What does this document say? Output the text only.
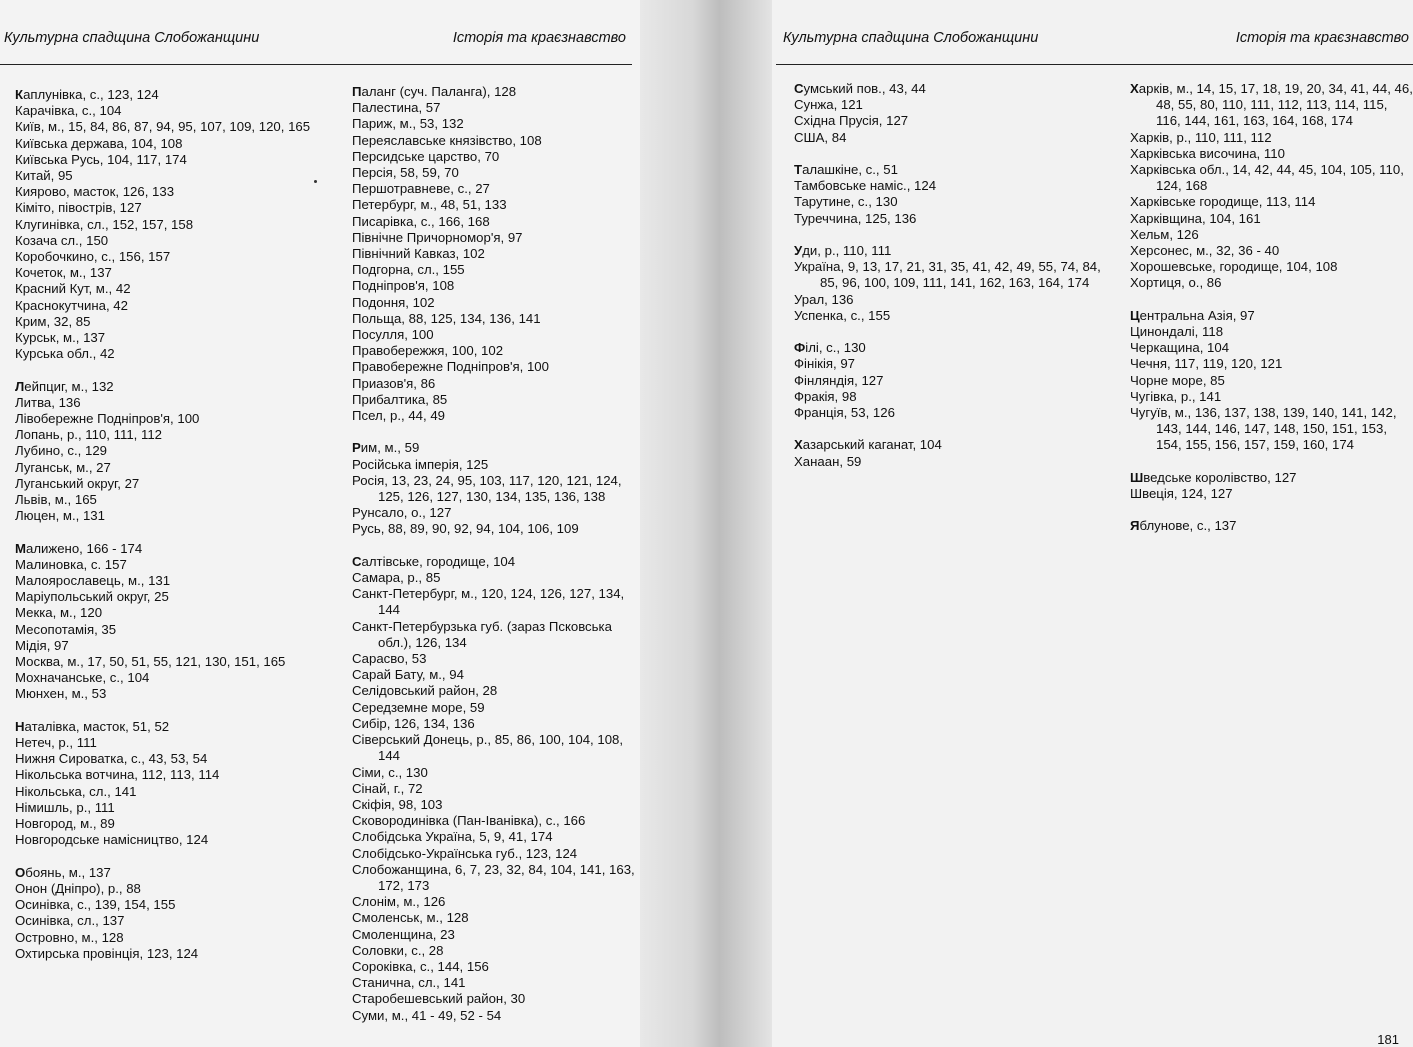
Культурна спадщина Слобожанщини	Історія та краєзнавство
Каплунівка, с., 123, 124
Карачівка, с., 104
Київ, м., 15, 84, 86, 87, 94, 95, 107, 109, 120, 165
Київська держава, 104, 108
Київська Русь, 104, 117, 174
Китай, 95
Киярово, масток, 126, 133
Кіміто, півострів, 127
Клугинівка, сл., 152, 157, 158
Козача сл., 150
Коробочкино, с., 156, 157
Кочеток, м., 137
Красний Кут, м., 42
Краснокутчина, 42
Крим, 32, 85
Курськ, м., 137
Курська обл., 42
Лейпциг, м., 132
Литва, 136
Лівобережне Подніпров'я, 100
Лопань, р., 110, 111, 112
Лубино, с., 129
Луганськ, м., 27
Луганський округ, 27
Львів, м., 165
Люцен, м., 131
Малижено, 166 - 174
Малиновка, с. 157
Малоярославець, м., 131
Маріупольський округ, 25
Мекка, м., 120
Месопотамія, 35
Мідія, 97
Москва, м., 17, 50, 51, 55, 121, 130, 151, 165
Мохначанське, с., 104
Мюнхен, м., 53
Наталівка, масток, 51, 52
Нетеч, р., 111
Нижня Сироватка, с., 43, 53, 54
Нікольська вотчина, 112, 113, 114
Нікольська, сл., 141
Німишль, р., 111
Новгород, м., 89
Новгородське намісництво, 124
Обоянь, м., 137
Онон (Дніпро), р., 88
Осинівка, с., 139, 154, 155
Осинівка, сл., 137
Островно, м., 128
Охтирська провінція, 123, 124
Паланг (суч. Паланга), 128
Палестина, 57
Париж, м., 53, 132
Переяславське князівство, 108
Персидське царство, 70
Персія, 58, 59, 70
Першотравневе, с., 27
Петербург, м., 48, 51, 133
Писарівка, с., 166, 168
Північне Причорномор'я, 97
Північний Кавказ, 102
Подгорна, сл., 155
Подніпров'я, 108
Подоння, 102
Польща, 88, 125, 134, 136, 141
Посулля, 100
Правобережжя, 100, 102
Правобережне Подніпров'я, 100
Приазов'я, 86
Прибалтика, 85
Псел, р., 44, 49
Рим, м., 59
Російська імперія, 125
Росія, 13, 23, 24, 95, 103, 117, 120, 121, 124, 125, 126, 127, 130, 134, 135, 136, 138
Рунсало, о., 127
Русь, 88, 89, 90, 92, 94, 104, 106, 109
Салтівське, городище, 104
Самара, р., 85
Санкт-Петербург, м., 120, 124, 126, 127, 134, 144
Санкт-Петербурзька губ. (зараз Псковська обл.), 126, 134
Сарасво, 53
Сарай Бату, м., 94
Селідовський район, 28
Середземне море, 59
Сибір, 126, 134, 136
Сіверський Донець, р., 85, 86, 100, 104, 108, 144
Сіми, с., 130
Сінай, г., 72
Скіфія, 98, 103
Сковородинівка (Пан-Іванівка), с., 166
Слобідська Україна, 5, 9, 41, 174
Слобідсько-Українська губ., 123, 124
Слобожанщина, 6, 7, 23, 32, 84, 104, 141, 163, 172, 173
Слонім, м., 126
Смоленськ, м., 128
Смоленщина, 23
Соловки, с., 28
Сороківка, с., 144, 156
Станична, сл., 141
Старобешевський район, 30
Суми, м., 41 - 49, 52 - 54
Культурна спадщина Слобожанщини	Історія та краєзнавство
Сумський пов., 43, 44
Сунжа, 121
Східна Прусія, 127
США, 84
Талашкіне, с., 51
Тамбовське наміс., 124
Тарутине, с., 130
Туреччина, 125, 136
Уди, р., 110, 111
Україна, 9, 13, 17, 21, 31, 35, 41, 42, 49, 55, 74, 84, 85, 96, 100, 109, 111, 141, 162, 163, 164, 174
Урал, 136
Успенка, с., 155
Філі, с., 130
Фінікія, 97
Фінляндія, 127
Фракія, 98
Франція, 53, 126
Хазарський каганат, 104
Ханаан, 59
Харків, м., 14, 15, 17, 18, 19, 20, 34, 41, 44, 46, 48, 55, 80, 110, 111, 112, 113, 114, 115, 116, 144, 161, 163, 164, 168, 174
Харків, р., 110, 111, 112
Харківська височина, 110
Харківська обл., 14, 42, 44, 45, 104, 105, 110, 124, 168
Харківське городище, 113, 114
Харківщина, 104, 161
Хельм, 126
Херсонес, м., 32, 36 - 40
Хорошевське, городище, 104, 108
Хортиця, о., 86
Центральна Азія, 97
Цинондалі, 118
Черкащина, 104
Чечня, 117, 119, 120, 121
Чорне море, 85
Чугівка, р., 141
Чугуїв, м., 136, 137, 138, 139, 140, 141, 142, 143, 144, 146, 147, 148, 150, 151, 153, 154, 155, 156, 157, 159, 160, 174
Шведське королівство, 127
Швеція, 124, 127
Яблунове, с., 137
181
